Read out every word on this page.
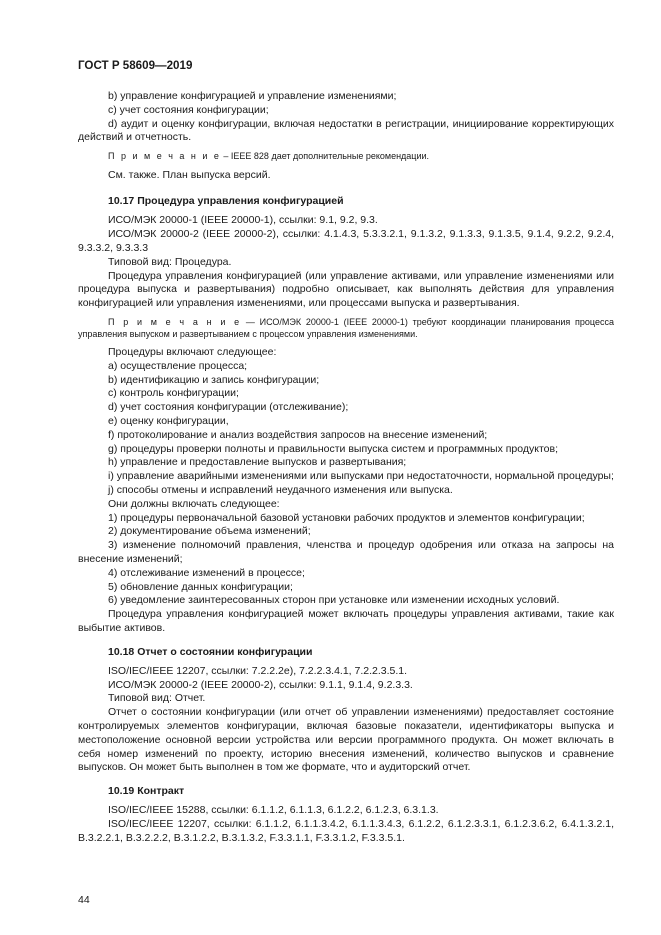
ГОСТ Р 58609—2019

b) управление конфигурацией и управление изменениями;

c) учет состояния конфигурации;

d) аудит и оценку конфигурации, включая недостатки в регистрации, инициирование корректирующих действий и отчетность.

П р и м е ч а н и е – IEEE 828 дает дополнительные рекомендации.

См. также. План выпуска версий.

10.17 Процедура управления конфигурацией

ИСО/МЭК 20000-1 (IEEE 20000-1), ссылки: 9.1, 9.2, 9.3.

ИСО/МЭК 20000-2 (IEEE 20000-2), ссылки: 4.1.4.3, 5.3.3.2.1, 9.1.3.2, 9.1.3.3, 9.1.3.5, 9.1.4, 9.2.2, 9.2.4, 9.3.3.2, 9.3.3.3

Типовой вид: Процедура.

Процедура управления конфигурацией (или управление активами, или управление изменениями или процедура выпуска и развертывания) подробно описывает, как выполнять действия для управления конфигурацией или управления изменениями, или процессами выпуска и развертывания.

П р и м е ч а н и е — ИСО/МЭК 20000-1 (IEEE 20000-1) требуют координации планирования процесса управления выпуском и развертыванием с процессом управления изменениями.

Процедуры включают следующее:

a) осуществление процесса;

b) идентификацию и запись конфигурации;

c) контроль конфигурации;

d) учет состояния конфигурации (отслеживание);

e) оценку конфигурации,

f) протоколирование и анализ воздействия запросов на внесение изменений;

g) процедуры проверки полноты и правильности выпуска систем и программных продуктов;

h) управление и предоставление выпусков и развертывания;

i) управление аварийными изменениями или выпусками при недостаточности, нормальной процедуры;

j) способы отмены и исправлений неудачного изменения или выпуска.

Они должны включать следующее:

1) процедуры первоначальной базовой установки рабочих продуктов и элементов конфигурации;

2) документирование объема изменений;

3) изменение полномочий правления, членства и процедур одобрения или отказа на запросы на внесение изменений;

4) отслеживание изменений в процессе;

5) обновление данных конфигурации;

6) уведомление заинтересованных сторон при установке или изменении исходных условий.

Процедура управления конфигурацией может включать процедуры управления активами, такие как выбытие активов.

10.18 Отчет о состоянии конфигурации

ISO/IEC/IEEE 12207, ссылки: 7.2.2.2e), 7.2.2.3.4.1, 7.2.2.3.5.1.

ИСО/МЭК 20000-2 (IEEE 20000-2), ссылки: 9.1.1, 9.1.4, 9.2.3.3.

Типовой вид: Отчет.

Отчет о состоянии конфигурации (или отчет об управлении изменениями) предоставляет состояние контролируемых элементов конфигурации, включая базовые показатели, идентификаторы выпуска и местоположение основной версии устройства или версии программного продукта. Он может включать в себя номер изменений по проекту, историю внесения изменений, количество выпусков и сравнение выпусков. Он может быть выполнен в том же формате, что и аудиторский отчет.

10.19 Контракт

ISO/IEC/IEEE 15288, ссылки: 6.1.1.2, 6.1.1.3, 6.1.2.2, 6.1.2.3, 6.3.1.3.

ISO/IEC/IEEE 12207, ссылки: 6.1.1.2, 6.1.1.3.4.2, 6.1.1.3.4.3, 6.1.2.2, 6.1.2.3.3.1, 6.1.2.3.6.2, 6.4.1.3.2.1, B.3.2.2.1, B.3.2.2.2, B.3.1.2.2, B.3.1.3.2, F.3.3.1.1, F.3.3.1.2, F.3.3.5.1.

44
